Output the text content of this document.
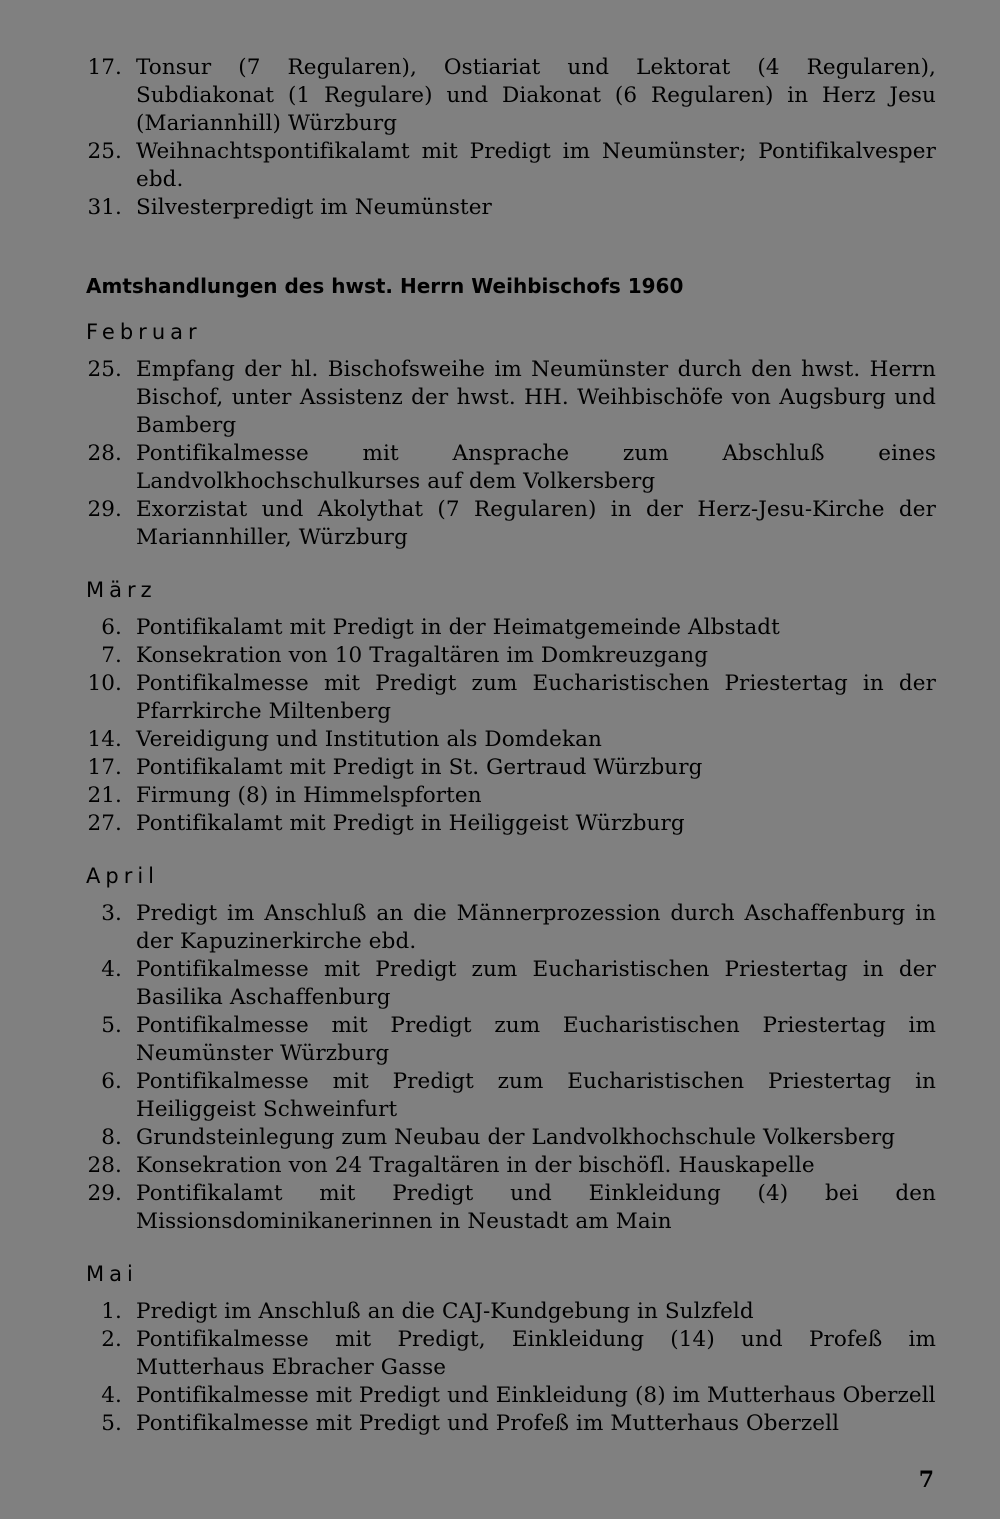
17. Tonsur (7 Regularen), Ostiariat und Lektorat (4 Regularen), Subdiakonat (1 Regulare) und Diakonat (6 Regularen) in Herz Jesu (Mariannhill) Würzburg
25. Weihnachtspontifikalamt mit Predigt im Neumünster; Pontifikalvesper ebd.
31. Silvesterpredigt im Neumünster
Amtshandlungen des hwst. Herrn Weihbischofs 1960
Februar
25. Empfang der hl. Bischofsweihe im Neumünster durch den hwst. Herrn Bischof, unter Assistenz der hwst. HH. Weihbischöfe von Augsburg und Bamberg
28. Pontifikalmesse mit Ansprache zum Abschluß eines Landvolkhochschulkurses auf dem Volkersberg
29. Exorzistat und Akolythat (7 Regularen) in der Herz-Jesu-Kirche der Mariannhiller, Würzburg
März
6. Pontifikalamt mit Predigt in der Heimatgemeinde Albstadt
7. Konsekration von 10 Tragaltären im Domkreuzgang
10. Pontifikalmesse mit Predigt zum Eucharistischen Priestertag in der Pfarrkirche Miltenberg
14. Vereidigung und Institution als Domdekan
17. Pontifikalamt mit Predigt in St. Gertraud Würzburg
21. Firmung (8) in Himmelspforten
27. Pontifikalamt mit Predigt in Heiliggeist Würzburg
April
3. Predigt im Anschluß an die Männerprozession durch Aschaffenburg in der Kapuzinerkirche ebd.
4. Pontifikalmesse mit Predigt zum Eucharistischen Priestertag in der Basilika Aschaffenburg
5. Pontifikalmesse mit Predigt zum Eucharistischen Priestertag im Neumünster Würzburg
6. Pontifikalmesse mit Predigt zum Eucharistischen Priestertag in Heiliggeist Schweinfurt
8. Grundsteinlegung zum Neubau der Landvolkhochschule Volkersberg
28. Konsekration von 24 Tragaltären in der bischöfl. Hauskapelle
29. Pontifikalamt mit Predigt und Einkleidung (4) bei den Missionsdominikanerinnen in Neustadt am Main
Mai
1. Predigt im Anschluß an die CAJ-Kundgebung in Sulzfeld
2. Pontifikalmesse mit Predigt, Einkleidung (14) und Profeß im Mutterhaus Ebracher Gasse
4. Pontifikalmesse mit Predigt und Einkleidung (8) im Mutterhaus Oberzell
5. Pontifikalmesse mit Predigt und Profeß im Mutterhaus Oberzell
7
